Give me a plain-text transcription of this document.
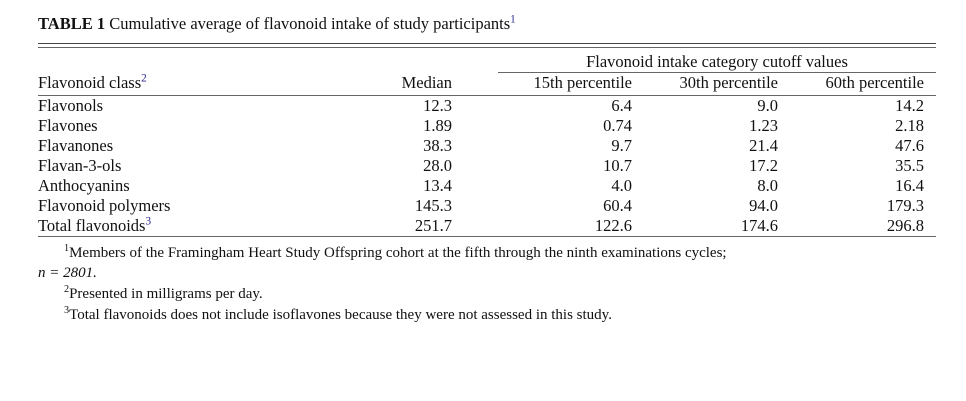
TABLE 1 Cumulative average of flavonoid intake of study participants$^1$

		Flavonoid intake category cutoff values		
Flavonoid class$^2$	Median	15th percentile	30th percentile	60th percentile

Flavonols	12.3	6.4	9.0	14.2
Flavones	1.89	0.74	1.23	2.18
Flavanones	38.3	9.7	21.4	47.6
Flavan-3-ols	28.0	10.7	17.2	35.5
Anthocyanins	13.4	4.0	8.0	16.4
Flavonoid polymers	145.3	60.4	94.0	179.3
Total flavonoids$^3$	251.7	122.6	174.6	296.8

$^1$Members of the Framingham Heart Study Offspring cohort at the fifth through the ninth examinations cycles;

n = 2801.

$^2$Presented in milligrams per day.

$^3$Total flavonoids does not include isoflavones because they were not assessed in this study.
